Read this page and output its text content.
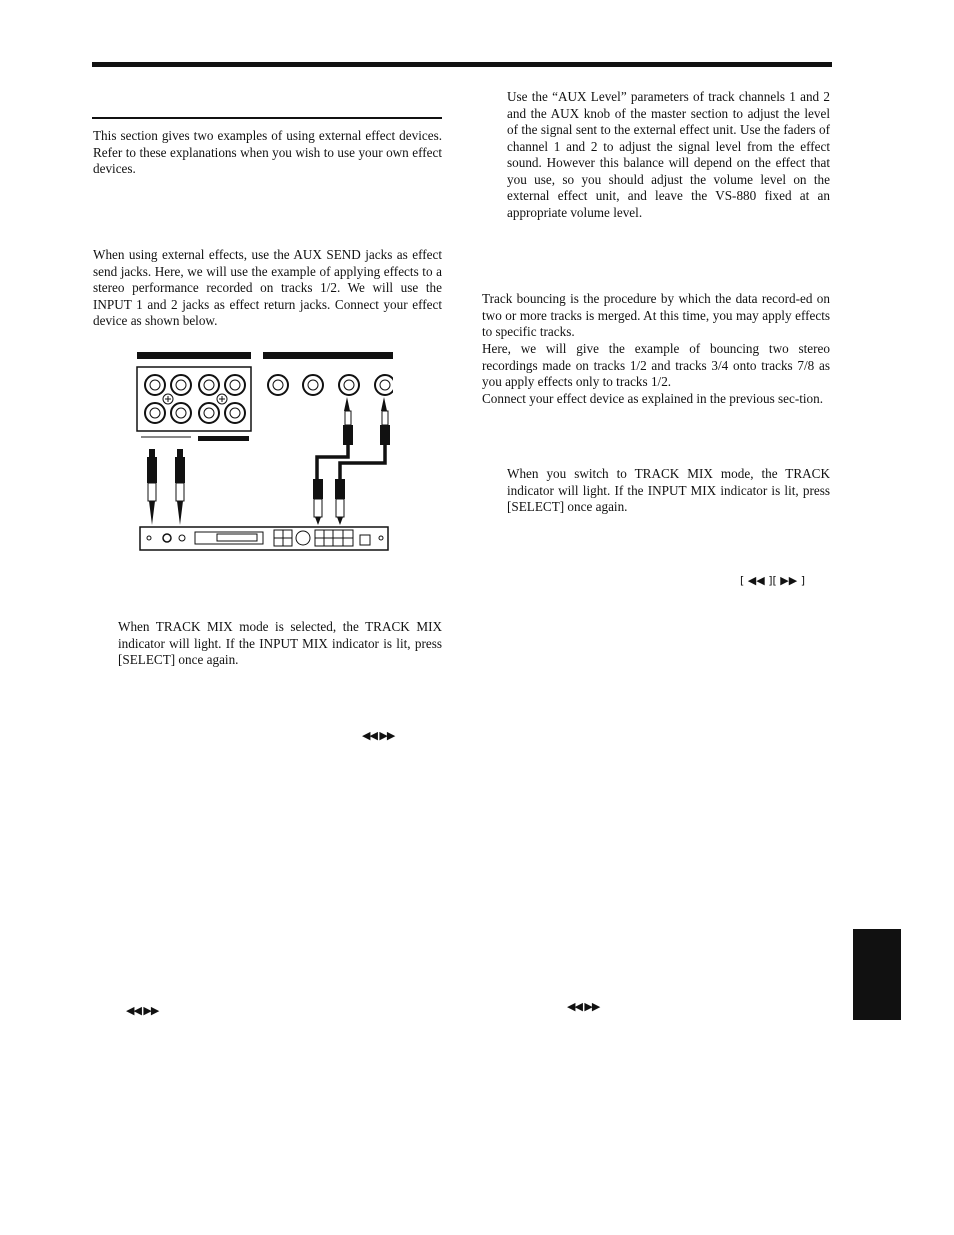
This section gives two examples of using external effect devices. Refer to these explanations when you wish to use your own effect devices.

When using external effects, use the AUX SEND jacks as effect send jacks. Here, we will use the example of applying effects to a stereo performance recorded on tracks 1/2. We will use the INPUT 1 and 2 jacks as effect return jacks. Connect your effect device as shown below.

When TRACK MIX mode is selected, the TRACK MIX indicator will light. If the INPUT MIX indicator is lit, press [SELECT] once again.

◀◀ ▶▶
◀◀ ▶▶

Use the “AUX Level” parameters of track channels 1 and 2 and the AUX knob of the master section to adjust the level of the signal sent to the external effect unit. Use the faders of channel 1 and 2 to adjust the signal level from the effect sound. However this balance will depend on the effect that you use, so you should adjust the volume level on the external effect unit, and leave the VS-880 fixed at an appropriate volume level.

Track bouncing is the procedure by which the data record-ed on two or more tracks is merged. At this time, you may apply effects to specific tracks.

Here, we will give the example of bouncing two stereo recordings made on tracks 1/2 and tracks 3/4 onto tracks 7/8 as you apply effects only to tracks 1/2.

Connect your effect device as explained in the previous sec-tion.

When you switch to TRACK MIX mode, the TRACK indicator will light. If the INPUT MIX indicator is lit, press [SELECT] once again.

[ ◀◀ ][ ▶▶ ]
◀◀ ▶▶
